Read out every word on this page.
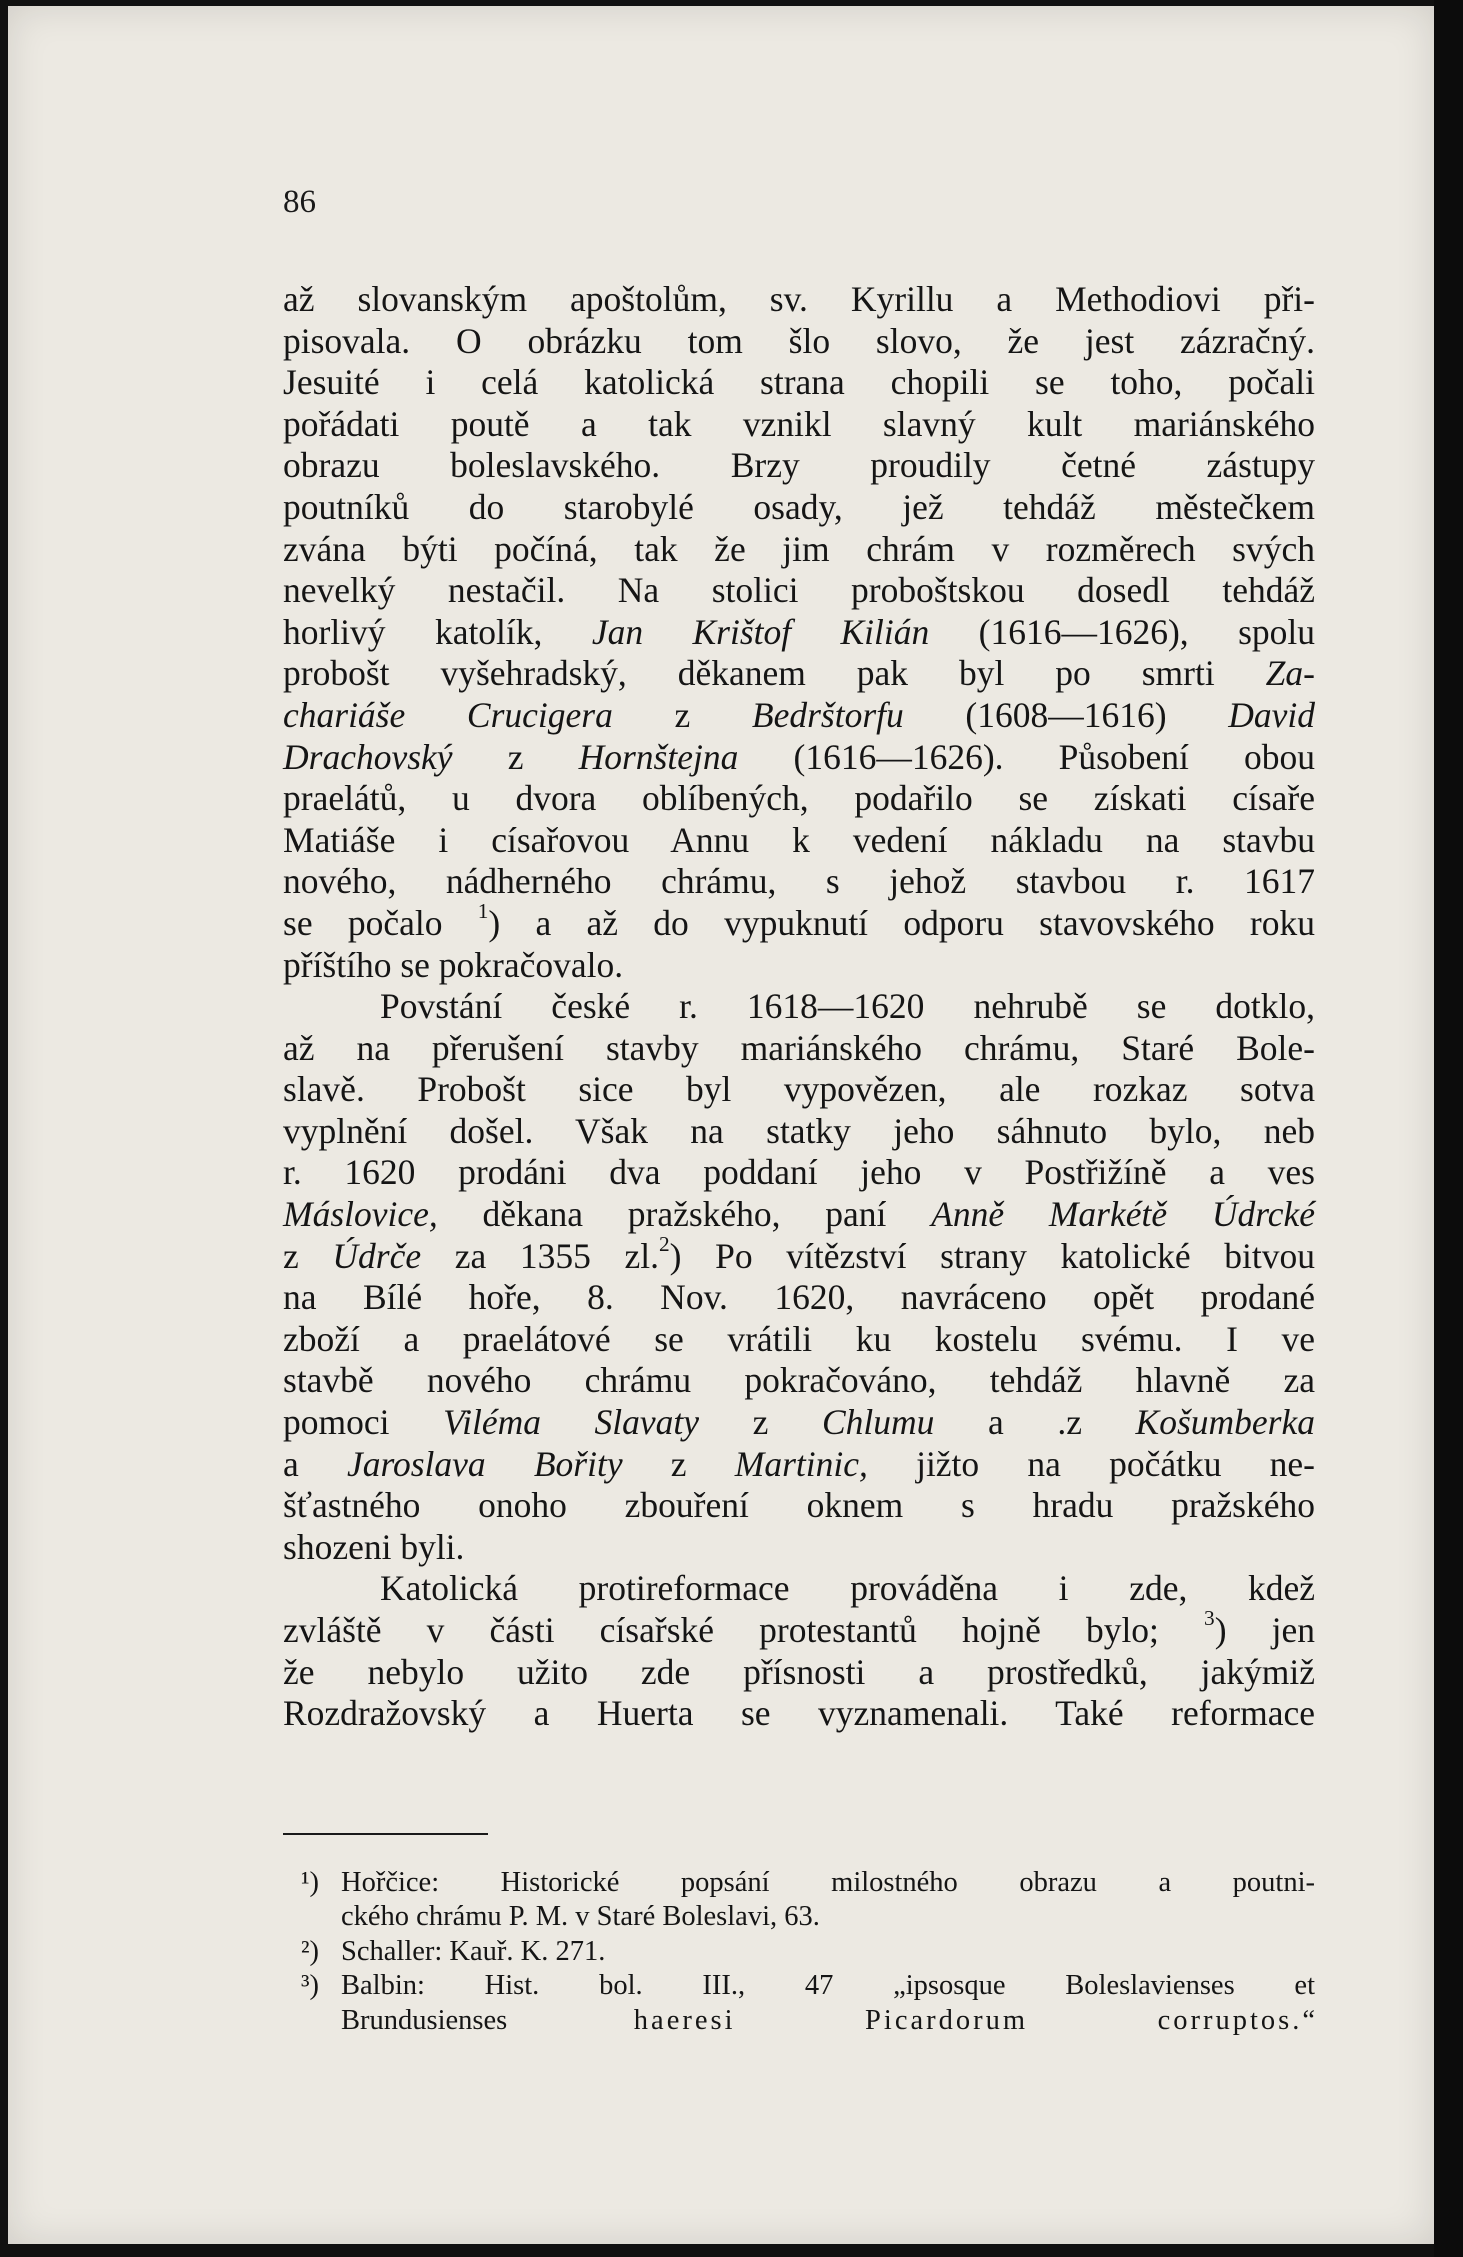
86
až slovanským apoštolům, sv. Kyrillu a Methodiovi při-
pisovala. O obrázku tom šlo slovo, že jest zázračný.
Jesuité i celá katolická strana chopili se toho, počali
pořádati poutě a tak vznikl slavný kult mariánského
obrazu boleslavského. Brzy proudily četné zástupy
poutníků do starobylé osady, jež tehdáž městečkem
zvána býti počíná, tak že jim chrám v rozměrech svých
nevelký nestačil. Na stolici proboštskou dosedl tehdáž
horlivý katolík, Jan Krištof Kilián (1616—1626), spolu
probošt vyšehradský, děkanem pak byl po smrti Za-
chariáše Crucigera z Bedrštorfu (1608—1616) David
Drachovský z Hornštejna (1616—1626). Působení obou
praelátů, u dvora oblíbených, podařilo se získati císaře
Matiáše i císařovou Annu k vedení nákladu na stavbu
nového, nádherného chrámu, s jehož stavbou r. 1617
se počalo $^1$) a až do vypuknutí odporu stavovského roku
příštího se pokračovalo.
Povstání české r. 1618—1620 nehrubě se dotklo,
až na přerušení stavby mariánského chrámu, Staré Bole-
slavě. Probošt sice byl vypovězen, ale rozkaz sotva
vyplnění došel. Však na statky jeho sáhnuto bylo, neb
r. 1620 prodáni dva poddaní jeho v Postřižíně a ves
Máslovice, děkana pražského, paní Anně Markétě Údrcké
z Údrče za 1355 zl.$^2$) Po vítězství strany katolické bitvou
na Bílé hoře, 8. Nov. 1620, navráceno opět prodané
zboží a praelátové se vrátili ku kostelu svému. I ve
stavbě nového chrámu pokračováno, tehdáž hlavně za
pomoci Viléma Slavaty z Chlumu a .z Košumberka
a Jaroslava Bořity z Martinic, jižto na počátku ne-
šťastného onoho zbouření oknem s hradu pražského
shozeni byli.
Katolická protireformace prováděna i zde, kdež
zvláště v části císařské protestantů hojně bylo; $^3$) jen
že nebylo užito zde přísnosti a prostředků, jakýmiž
Rozdražovský a Huerta se vyznamenali. Také reformace
¹) Hořčice: Historické popsání milostného obrazu a poutni-
ckého chrámu P. M. v Staré Boleslavi, 63.
²) Schaller: Kauř. K. 271.
³) Balbin: Hist. bol. III., 47 „ipsosque Boleslavienses et
Brundusienses haeresi Picardorum corruptos.“
